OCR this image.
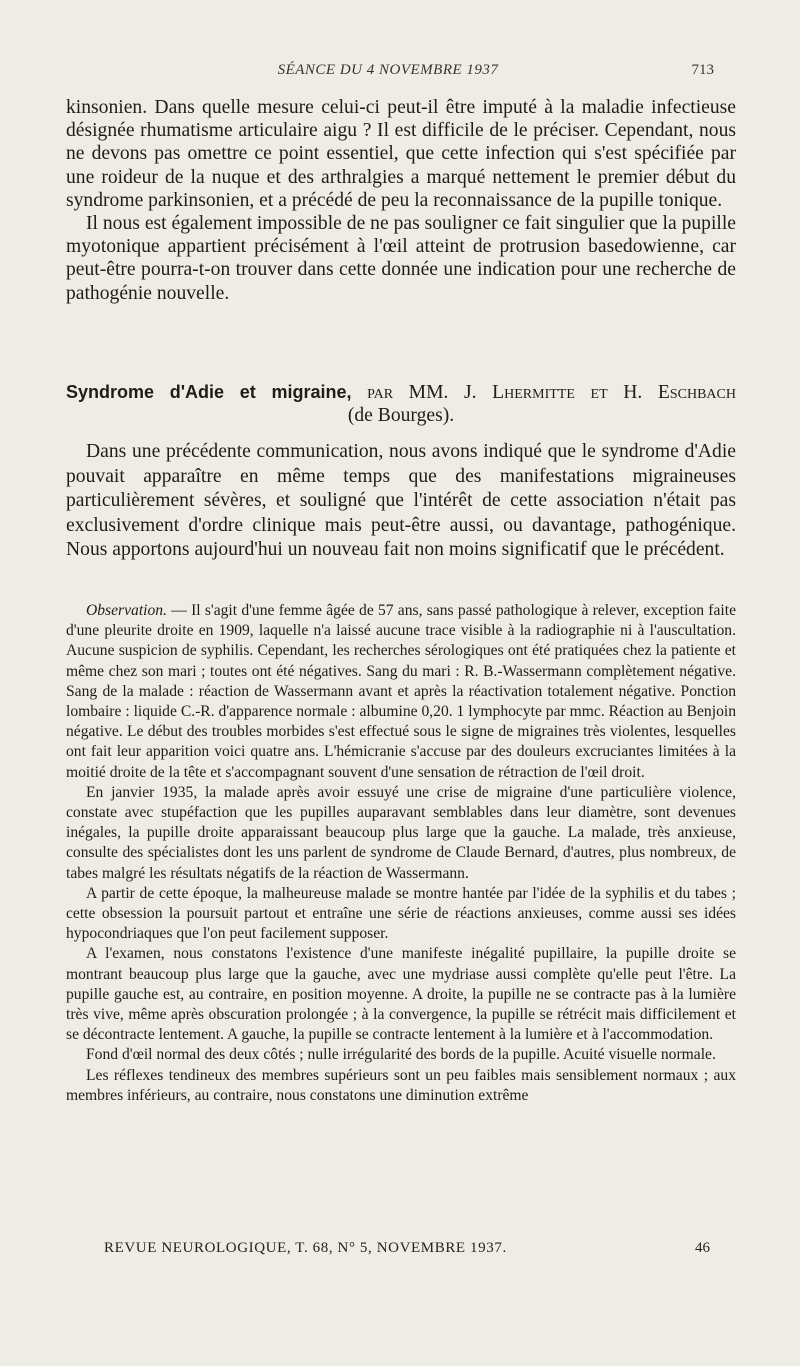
SÉANCE DU 4 NOVEMBRE 1937	713

kinsonien. Dans quelle mesure celui-ci peut-il être imputé à la maladie infectieuse désignée rhumatisme articulaire aigu ? Il est difficile de le préciser. Cependant, nous ne devons pas omettre ce point essentiel, que cette infection qui s'est spécifiée par une roideur de la nuque et des arthralgies a marqué nettement le premier début du syndrome parkinsonien, et a précédé de peu la reconnaissance de la pupille tonique.

Il nous est également impossible de ne pas souligner ce fait singulier que la pupille myotonique appartient précisément à l'œil atteint de protrusion basedowienne, car peut-être pourra-t-on trouver dans cette donnée une indication pour une recherche de pathogénie nouvelle.

Syndrome d'Adie et migraine, par MM. J. Lhermitte et H. Eschbach
(de Bourges).

Dans une précédente communication, nous avons indiqué que le syndrome d'Adie pouvait apparaître en même temps que des manifestations migraineuses particulièrement sévères, et souligné que l'intérêt de cette association n'était pas exclusivement d'ordre clinique mais peut-être aussi, ou davantage, pathogénique. Nous apportons aujourd'hui un nouveau fait non moins significatif que le précédent.

Observation. — Il s'agit d'une femme âgée de 57 ans, sans passé pathologique à relever, exception faite d'une pleurite droite en 1909, laquelle n'a laissé aucune trace visible à la radiographie ni à l'auscultation. Aucune suspicion de syphilis. Cependant, les recherches sérologiques ont été pratiquées chez la patiente et même chez son mari ; toutes ont été négatives. Sang du mari : R. B.-Wassermann complètement négative. Sang de la malade : réaction de Wassermann avant et après la réactivation totalement négative. Ponction lombaire : liquide C.-R. d'apparence normale : albumine 0,20. 1 lymphocyte par mmc. Réaction au Benjoin négative. Le début des troubles morbides s'est effectué sous le signe de migraines très violentes, lesquelles ont fait leur apparition voici quatre ans. L'hémicranie s'accuse par des douleurs excruciantes limitées à la moitié droite de la tête et s'accompagnant souvent d'une sensation de rétraction de l'œil droit.

En janvier 1935, la malade après avoir essuyé une crise de migraine d'une particulière violence, constate avec stupéfaction que les pupilles auparavant semblables dans leur diamètre, sont devenues inégales, la pupille droite apparaissant beaucoup plus large que la gauche. La malade, très anxieuse, consulte des spécialistes dont les uns parlent de syndrome de Claude Bernard, d'autres, plus nombreux, de tabes malgré les résultats négatifs de la réaction de Wassermann.

A partir de cette époque, la malheureuse malade se montre hantée par l'idée de la syphilis et du tabes ; cette obsession la poursuit partout et entraîne une série de réactions anxieuses, comme aussi ses idées hypocondriaques que l'on peut facilement supposer.

A l'examen, nous constatons l'existence d'une manifeste inégalité pupillaire, la pupille droite se montrant beaucoup plus large que la gauche, avec une mydriase aussi complète qu'elle peut l'être. La pupille gauche est, au contraire, en position moyenne. A droite, la pupille ne se contracte pas à la lumière très vive, même après obscuration prolongée ; à la convergence, la pupille se rétrécit mais difficilement et se décontracte lentement. A gauche, la pupille se contracte lentement à la lumière et à l'accommodation.

Fond d'œil normal des deux côtés ; nulle irrégularité des bords de la pupille. Acuité visuelle normale.

Les réflexes tendineux des membres supérieurs sont un peu faibles mais sensiblement normaux ; aux membres inférieurs, au contraire, nous constatons une diminution extrême

REVUE NEUROLOGIQUE, T. 68, N° 5, NOVEMBRE 1937.	46
